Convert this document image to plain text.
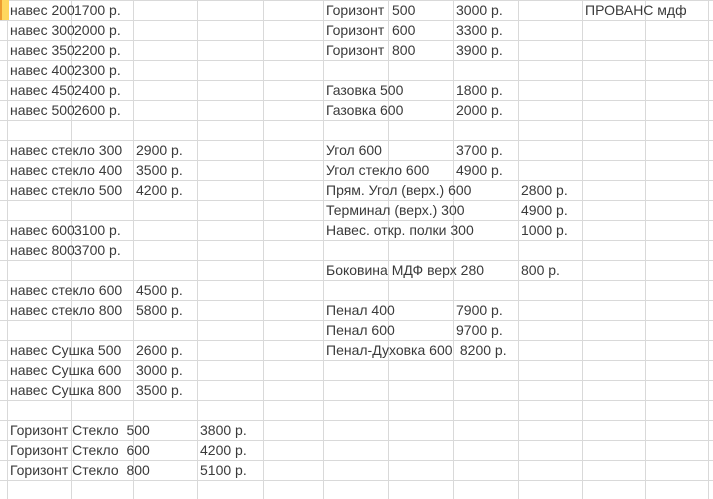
навес 200 1700 р.	Горизонт  500	3000 р.	ПРОВАНС мдф
навес 300 2000 р.	Горизонт  600	3300 р.
навес 350 2200 р.	Горизонт  800	3900 р.
навес 400 2300 р.
навес 450 2400 р.	Газовка 500	1800 р.
навес 500 2600 р.	Газовка 600	2000 р.
навес стекло 300 2900 р.	Угол 600	3700 р.
навес стекло 400 3500 р.	Угол стекло 600 4900 р.
навес стекло 500 4200 р.	Прям. Угол (верх.) 600	2800 р.
Терминал (верх.) 300	4900 р.
навес 600 3100 р.	Навес. откр. полки 300	1000 р.
навес 800 3700 р.
Боковина МДФ верх 280	800 р.
навес стекло 600 4500 р.
навес стекло 800 5800 р.	Пенал 400	7900 р.
Пенал 600	9700 р.
навес Сушка 500 2600 р.	Пенал-Духовка 600 8200 р.
навес Сушка 600 3000 р.
навес Сушка 800 3500 р.
Горизонт Стекло  500	3800 р.
Горизонт Стекло  600	4200 р.
Горизонт Стекло  800	5100 р.
